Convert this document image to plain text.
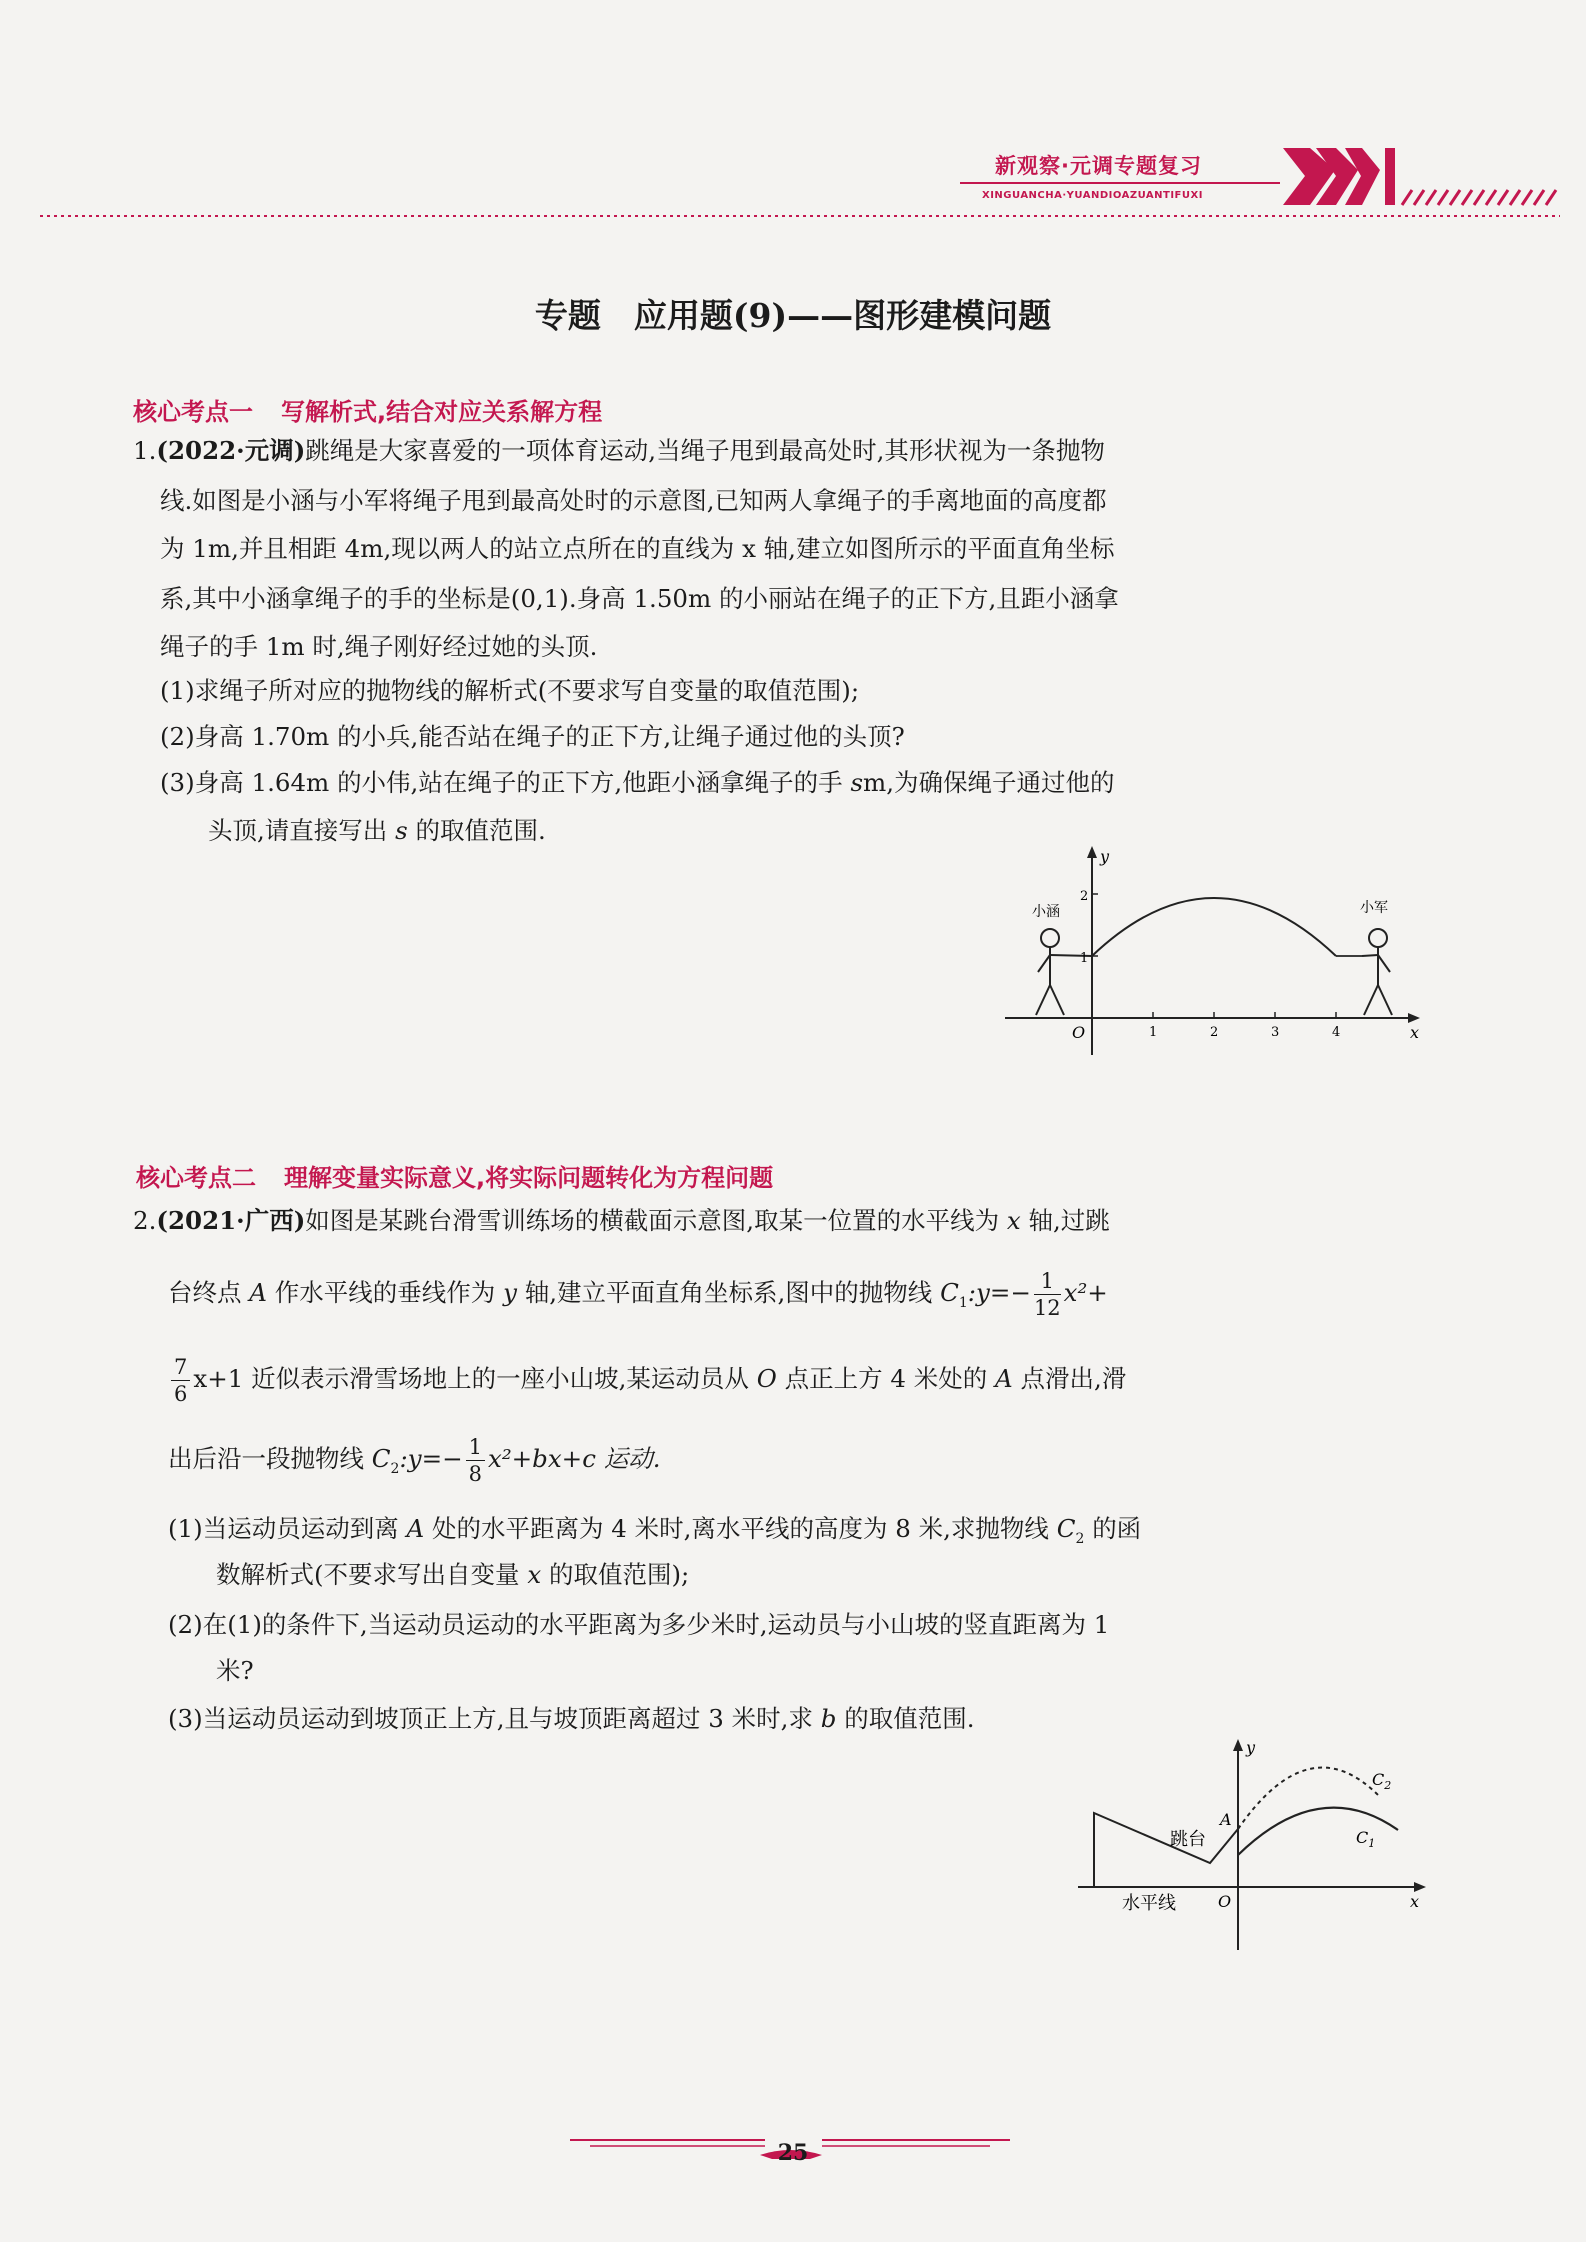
新观察·元调专题复习
XINGUANCHA·YUANDIOAZUANTIFUXI
专题　应用题(9)——图形建模问题
核心考点一 写解析式,结合对应关系解方程
1.(2022·元调)跳绳是大家喜爱的一项体育运动,当绳子甩到最高处时,其形状视为一条抛物
线.如图是小涵与小军将绳子甩到最高处时的示意图,已知两人拿绳子的手离地面的高度都
为 1m,并且相距 4m,现以两人的站立点所在的直线为 x 轴,建立如图所示的平面直角坐标
系,其中小涵拿绳子的手的坐标是(0,1).身高 1.50m 的小丽站在绳子的正下方,且距小涵拿
绳子的手 1m 时,绳子刚好经过她的头顶.
(1)求绳子所对应的抛物线的解析式(不要求写自变量的取值范围);
(2)身高 1.70m 的小兵,能否站在绳子的正下方,让绳子通过他的头顶?
(3)身高 1.64m 的小伟,站在绳子的正下方,他距小涵拿绳子的手 sm,为确保绳子通过他的
头顶,请直接写出 s 的取值范围.
y
x
O
1
2
1	2	3	4
小涵	小军
核心考点二 理解变量实际意义,将实际问题转化为方程问题
2.(2021·广西)如图是某跳台滑雪训练场的横截面示意图,取某一位置的水平线为 x 轴,过跳
台终点 A 作水平线的垂线作为 y 轴,建立平面直角坐标系,图中的抛物线 $C_1:y=- \frac{1}{12} x^2+$
$\frac{7}{6} x+1$ 近似表示滑雪场地上的一座小山坡,某运动员从 O 点正上方 4 米处的 A 点滑出,滑
出后沿一段抛物线 $C_2:y=- \frac{1}{8} x^2+bx+c$ 运动.
(1)当运动员运动到离 A 处的水平距离为 4 米时,离水平线的高度为 8 米,求抛物线 $C_2$ 的函
数解析式(不要求写出自变量 x 的取值范围);
(2)在(1)的条件下,当运动员运动的水平距离为多少米时,运动员与小山坡的竖直距离为 1
米?
(3)当运动员运动到坡顶正上方,且与坡顶距离超过 3 米时,求 b 的取值范围.
y
x
O
跳台
A
水平线
$C_1$
$C_2$
25
